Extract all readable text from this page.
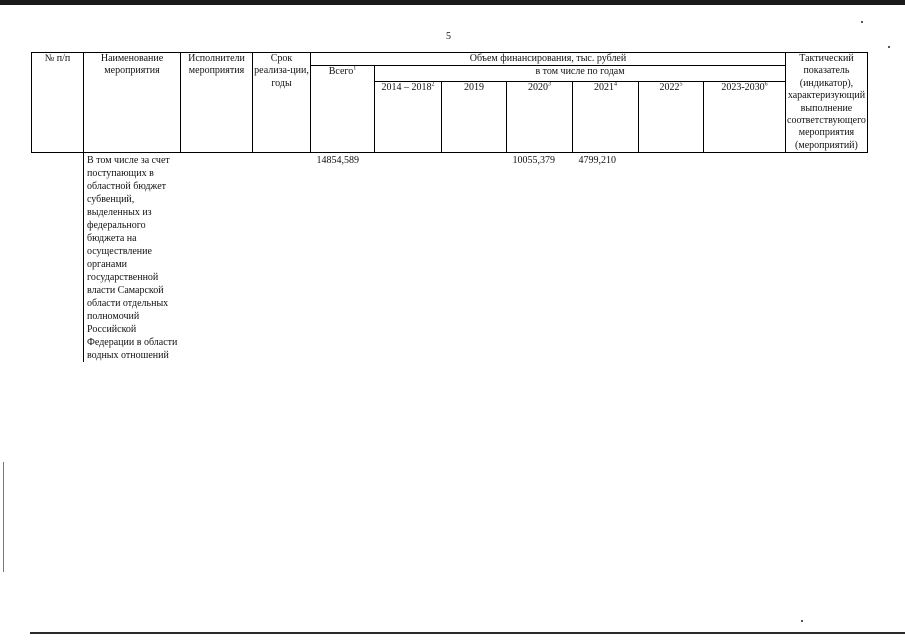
5
№ п/п	Наименование мероприятия	Исполнители мероприятия	Срок реализа-ции, годы	Объем финансирования, тыс. рублей							Тактический показатель (индикатор), характеризующий выполнение соответствующего мероприятия (мероприятий)
				Всего$^1$	в том числе по годам						
					2014 – 2018$^2$	2019	2020$^3$	2021$^4$	2022$^5$	2023-2030$^6$
	В том числе за счет поступающих в областной бюджет субвенций, выделенных из федерального бюджета на осуществление органами государственной власти Самарской области отдельных полномочий Российской Федерации в области водных отношений			14854,589			10055,379	4799,210			
